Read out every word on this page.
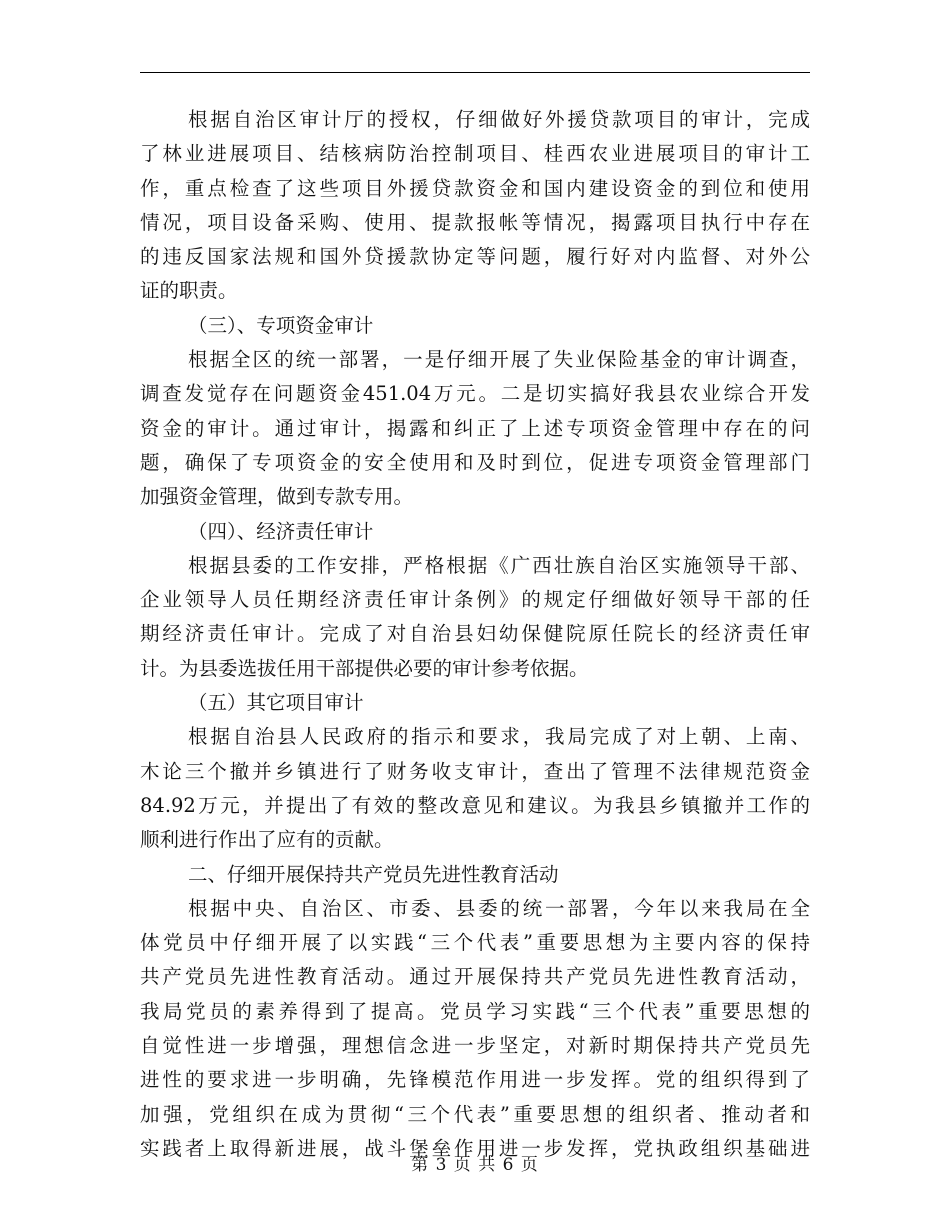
根据自治区审计厅的授权，仔细做好外援贷款项目的审计，完成
了林业进展项目、结核病防治控制项目、桂西农业进展项目的审计工
作，重点检查了这些项目外援贷款资金和国内建设资金的到位和使用
情况，项目设备采购、使用、提款报帐等情况，揭露项目执行中存在
的违反国家法规和国外贷援款协定等问题，履行好对内监督、对外公
证的职责。
（三）、专项资金审计
根据全区的统一部署，一是仔细开展了失业保险基金的审计调查，
调查发觉存在问题资金451.04万元。二是切实搞好我县农业综合开发
资金的审计。通过审计，揭露和纠正了上述专项资金管理中存在的问
题，确保了专项资金的安全使用和及时到位，促进专项资金管理部门
加强资金管理，做到专款专用。
（四）、经济责任审计
根据县委的工作安排，严格根据《广西壮族自治区实施领导干部、
企业领导人员任期经济责任审计条例》的规定仔细做好领导干部的任
期经济责任审计。完成了对自治县妇幼保健院原任院长的经济责任审
计。为县委选拔任用干部提供必要的审计参考依据。
（五）其它项目审计
根据自治县人民政府的指示和要求，我局完成了对上朝、上南、
木论三个撤并乡镇进行了财务收支审计，查出了管理不法律规范资金
84.92万元，并提出了有效的整改意见和建议。为我县乡镇撤并工作的
顺利进行作出了应有的贡献。
二、仔细开展保持共产党员先进性教育活动
根据中央、自治区、市委、县委的统一部署，今年以来我局在全
体党员中仔细开展了以实践“三个代表”重要思想为主要内容的保持
共产党员先进性教育活动。通过开展保持共产党员先进性教育活动，
我局党员的素养得到了提高。党员学习实践“三个代表”重要思想的
自觉性进一步增强，理想信念进一步坚定，对新时期保持共产党员先
进性的要求进一步明确，先锋模范作用进一步发挥。党的组织得到了
加强，党组织在成为贯彻“三个代表”重要思想的组织者、推动者和
实践者上取得新进展，战斗堡垒作用进一步发挥，党执政组织基础进
第 3 页 共 6 页
